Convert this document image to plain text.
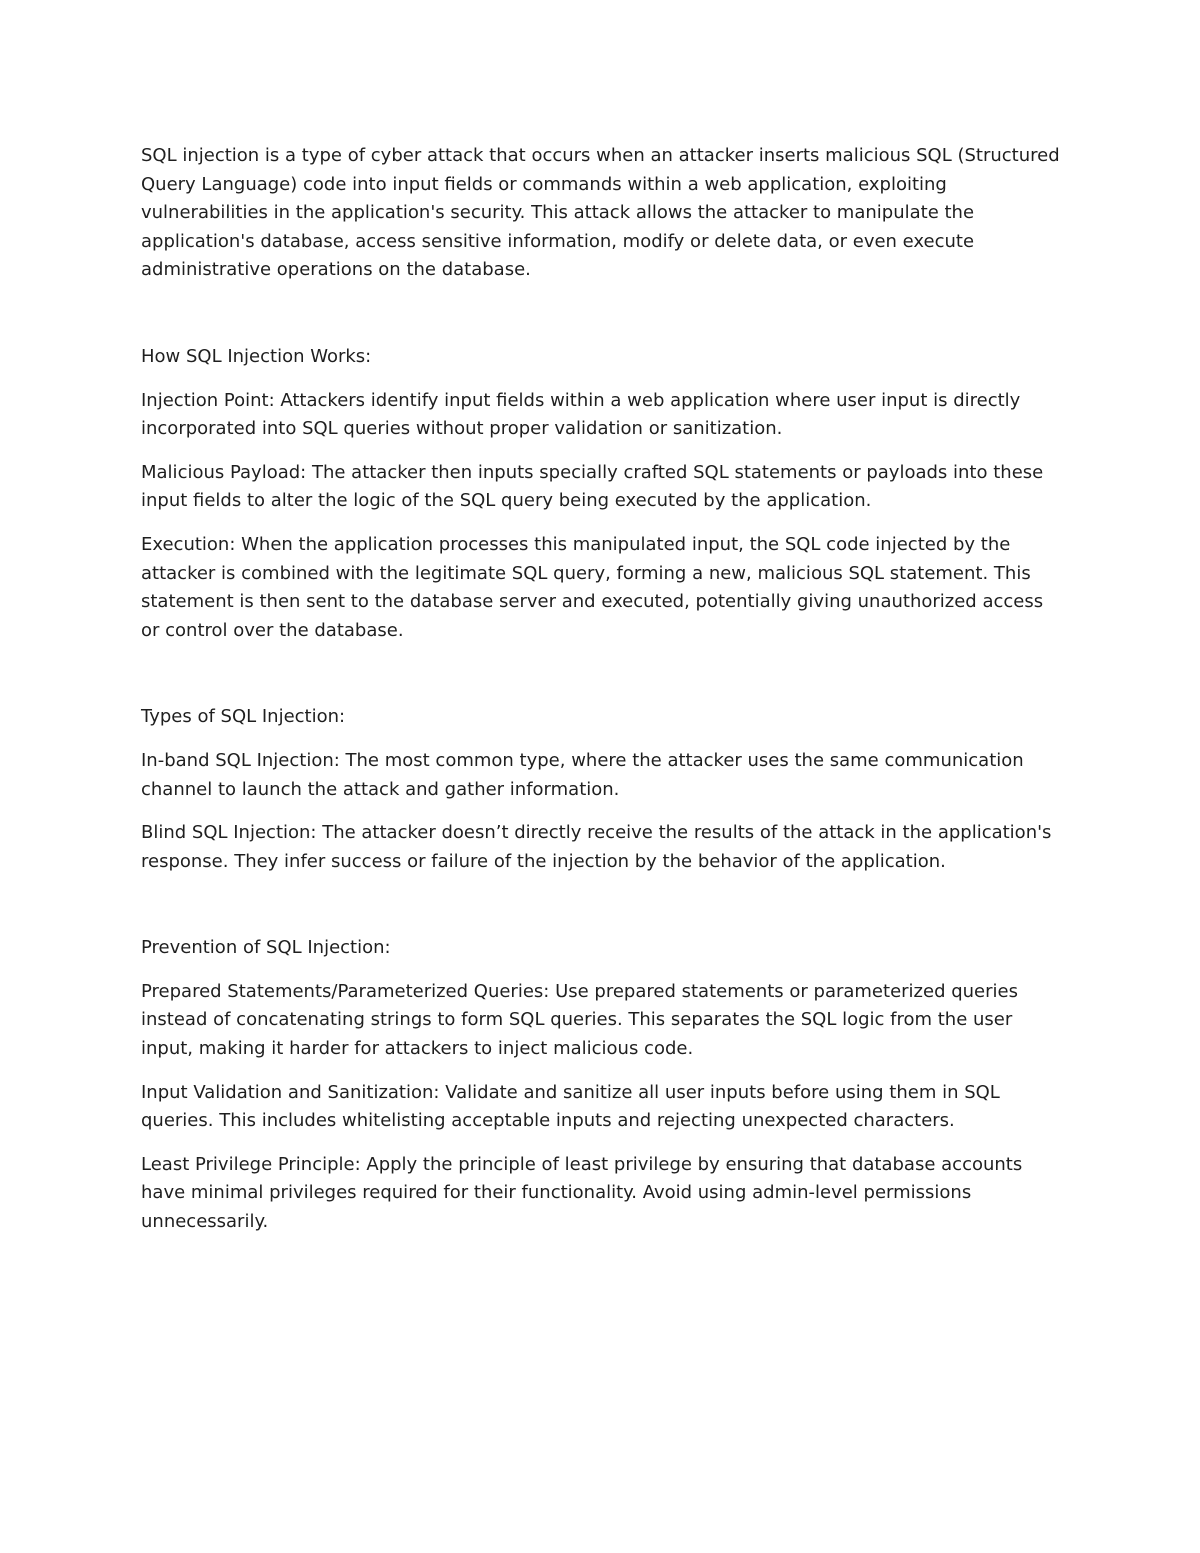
SQL injection is a type of cyber attack that occurs when an attacker inserts malicious SQL (Structured Query Language) code into input fields or commands within a web application, exploiting vulnerabilities in the application's security. This attack allows the attacker to manipulate the application's database, access sensitive information, modify or delete data, or even execute administrative operations on the database.

How SQL Injection Works:

Injection Point: Attackers identify input fields within a web application where user input is directly incorporated into SQL queries without proper validation or sanitization.

Malicious Payload: The attacker then inputs specially crafted SQL statements or payloads into these input fields to alter the logic of the SQL query being executed by the application.

Execution: When the application processes this manipulated input, the SQL code injected by the attacker is combined with the legitimate SQL query, forming a new, malicious SQL statement. This statement is then sent to the database server and executed, potentially giving unauthorized access or control over the database.

Types of SQL Injection:

In-band SQL Injection: The most common type, where the attacker uses the same communication channel to launch the attack and gather information.

Blind SQL Injection: The attacker doesn’t directly receive the results of the attack in the application's response. They infer success or failure of the injection by the behavior of the application.

Prevention of SQL Injection:

Prepared Statements/Parameterized Queries: Use prepared statements or parameterized queries instead of concatenating strings to form SQL queries. This separates the SQL logic from the user input, making it harder for attackers to inject malicious code.

Input Validation and Sanitization: Validate and sanitize all user inputs before using them in SQL queries. This includes whitelisting acceptable inputs and rejecting unexpected characters.

Least Privilege Principle: Apply the principle of least privilege by ensuring that database accounts have minimal privileges required for their functionality. Avoid using admin-level permissions unnecessarily.
